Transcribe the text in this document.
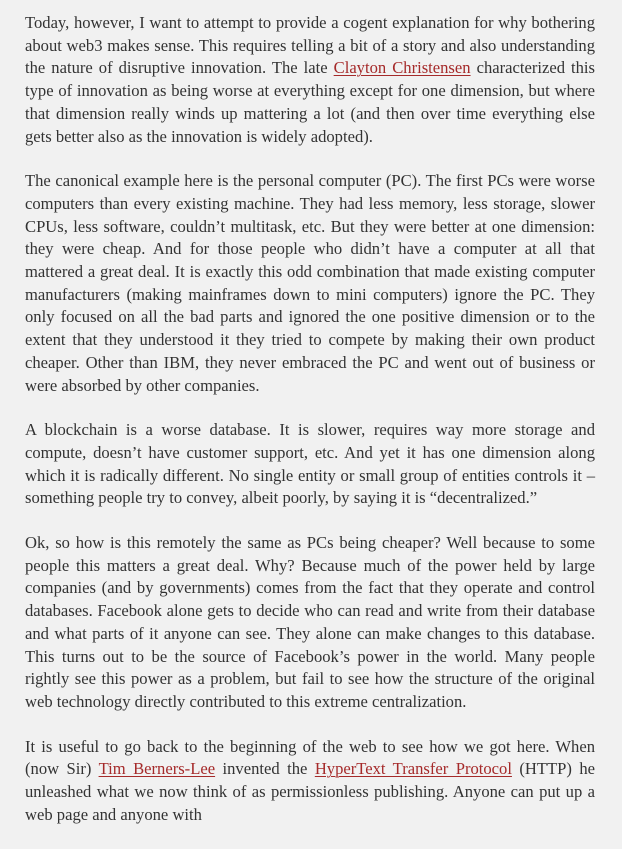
Today, however, I want to attempt to provide a cogent explanation for why bothering about web3 makes sense. This requires telling a bit of a story and also understanding the nature of disruptive innovation. The late Clayton Christensen characterized this type of innovation as being worse at everything except for one dimension, but where that dimension really winds up mattering a lot (and then over time everything else gets better also as the innovation is widely adopted).

The canonical example here is the personal computer (PC). The first PCs were worse computers than every existing machine. They had less memory, less storage, slower CPUs, less software, couldn’t multitask, etc. But they were better at one dimension: they were cheap. And for those people who didn’t have a computer at all that mattered a great deal. It is exactly this odd combination that made existing computer manufacturers (making mainframes down to mini computers) ignore the PC. They only focused on all the bad parts and ignored the one positive dimension or to the extent that they understood it they tried to compete by making their own product cheaper. Other than IBM, they never embraced the PC and went out of business or were absorbed by other companies.

A blockchain is a worse database. It is slower, requires way more storage and compute, doesn’t have customer support, etc. And yet it has one dimension along which it is radically different. No single entity or small group of entities controls it – something people try to convey, albeit poorly, by saying it is “decentralized.”

Ok, so how is this remotely the same as PCs being cheaper? Well because to some people this matters a great deal. Why? Because much of the power held by large companies (and by governments) comes from the fact that they operate and control databases. Facebook alone gets to decide who can read and write from their database and what parts of it anyone can see. They alone can make changes to this database. This turns out to be the source of Facebook’s power in the world. Many people rightly see this power as a problem, but fail to see how the structure of the original web technology directly contributed to this extreme centralization.

It is useful to go back to the beginning of the web to see how we got here. When (now Sir) Tim Berners-Lee invented the HyperText Transfer Protocol (HTTP) he unleashed what we now think of as permissionless publishing. Anyone can put up a web page and anyone with
